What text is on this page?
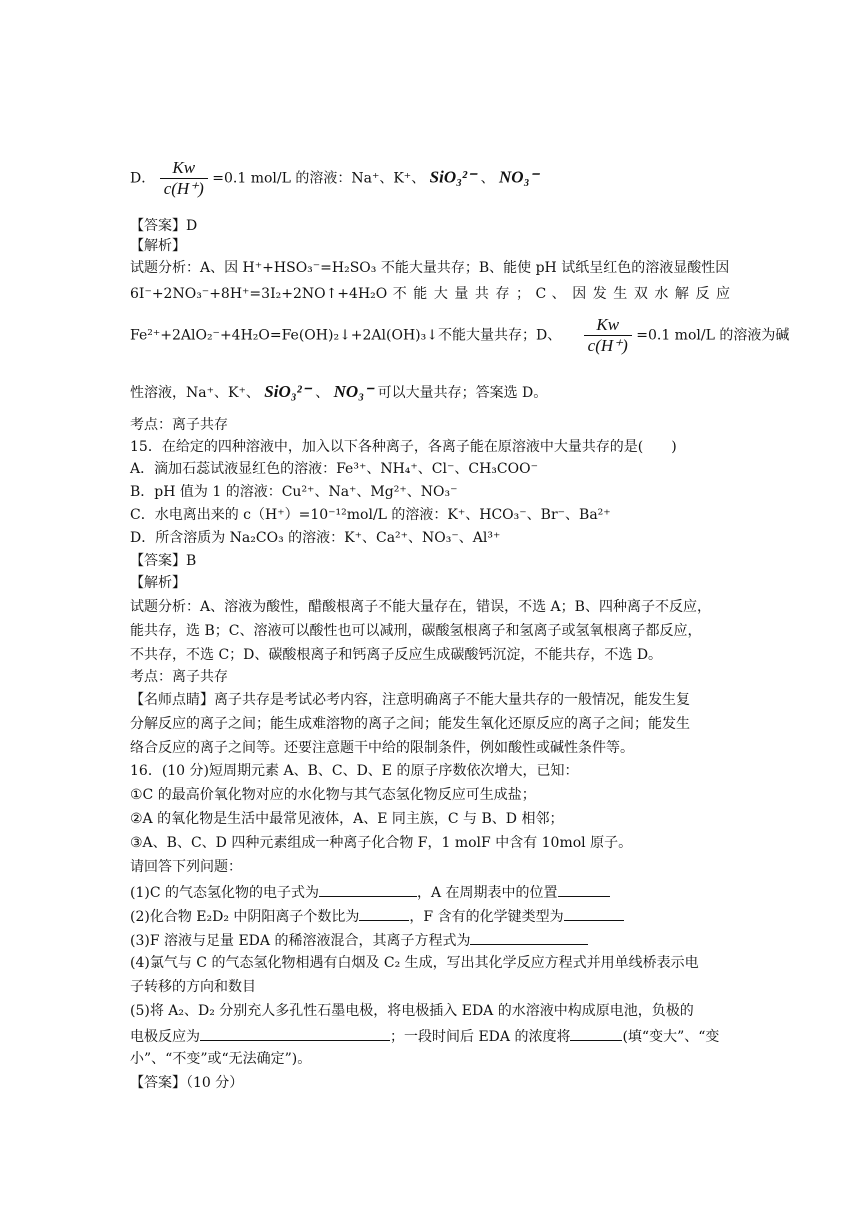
D． $\frac{Kw}{c(H^+)} =0.1$ mol/L 的溶液：Na⁺、K⁺、 SiO₃²⁻ 、 NO₃⁻
【答案】D
【解析】
试题分析：A、因 H⁺+HSO₃⁻=H₂SO₃ 不能大量共存；B、能使 pH 试纸呈红色的溶液显酸性因
6I⁻+2NO₃⁻+8H⁺=3I₂+2NO↑+4H₂O 不 能 大 量 共 存 ； C 、 因 发 生 双 水 解 反 应
Fe²⁺+2AlO₂⁻+4H₂O=Fe(OH)₂↓+2Al(OH)₃↓不能大量共存；D、 $\frac{Kw}{c(H^+)} =0.1$ mol/L 的溶液为碱
性溶液，Na⁺、K⁺、 SiO₃²⁻ 、 NO₃⁻ 可以大量共存；答案选 D。
考点：离子共存
15．在给定的四种溶液中，加入以下各种离子，各离子能在原溶液中大量共存的是(　　)
A．滴加石蕊试液显红色的溶液：Fe³⁺、NH₄⁺、Cl⁻、CH₃COO⁻
B．pH 值为 1 的溶液：Cu²⁺、Na⁺、Mg²⁺、NO₃⁻
C．水电离出来的 c（H⁺）=10⁻¹²mol/L 的溶液：K⁺、HCO₃⁻、Br⁻、Ba²⁺
D．所含溶质为 Na₂CO₃ 的溶液：K⁺、Ca²⁺、NO₃⁻、Al³⁺
【答案】B
【解析】
试题分析：A、溶液为酸性，醋酸根离子不能大量存在，错误，不选 A；B、四种离子不反应，
能共存，选 B；C、溶液可以酸性也可以减刑，碳酸氢根离子和氢离子或氢氧根离子都反应，
不共存，不选 C；D、碳酸根离子和钙离子反应生成碳酸钙沉淀，不能共存，不选 D。
考点：离子共存
【名师点睛】离子共存是考试必考内容，注意明确离子不能大量共存的一般情况，能发生复
分解反应的离子之间；能生成难溶物的离子之间；能发生氧化还原反应的离子之间；能发生
络合反应的离子之间等。还要注意题干中给的限制条件，例如酸性或碱性条件等。
16．(10 分)短周期元素 A、B、C、D、E 的原子序数依次增大，已知：
①C 的最高价氧化物对应的水化物与其气态氢化物反应可生成盐；
②A 的氧化物是生活中最常见液体，A、E 同主族，C 与 B、D 相邻；
③A、B、C、D 四种元素组成一种离子化合物 F，1 molF 中含有 10mol 原子。
请回答下列问题：
(1)C 的气态氢化物的电子式为	，A 在周期表中的位置
(2)化合物 E₂D₂ 中阴阳离子个数比为	，F 含有的化学键类型为
(3)F 溶液与足量 EDA 的稀溶液混合，其离子方程式为
(4)氯气与 C 的气态氢化物相遇有白烟及 C₂ 生成，写出其化学反应方程式并用单线桥表示电
子转移的方向和数目
(5)将 A₂、D₂ 分别充人多孔性石墨电极，将电极插入 EDA 的水溶液中构成原电池，负极的
电极反应为	；一段时间后 EDA 的浓度将	(填“变大”、“变
小”、“不变”或“无法确定”)。
【答案】（10 分）
